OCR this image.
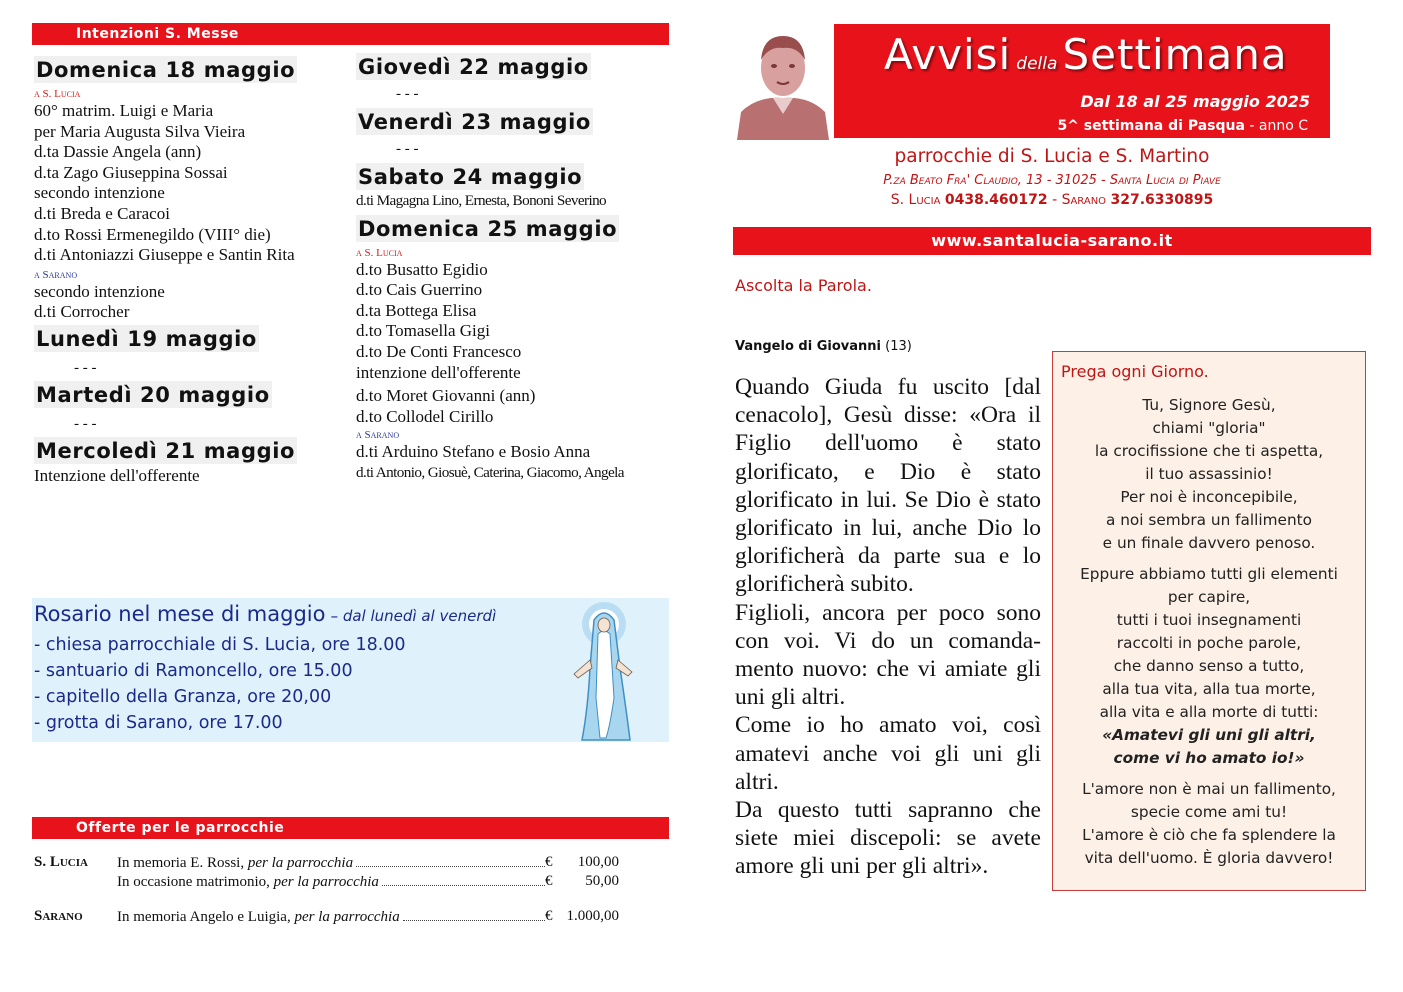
Intenzioni S. Messe
Domenica 18 maggio
a S. Lucia
60° matrim. Luigi e Maria
per Maria Augusta Silva Vieira
d.ta Dassie Angela (ann)
d.ta Zago Giuseppina Sossai
secondo intenzione
d.ti Breda e Caracoi
d.to Rossi Ermenegildo (VIII° die)
d.ti Antoniazzi Giuseppe e Santin Rita
a Sarano
secondo intenzione
d.ti Corrocher
Lunedì 19 maggio
- - -
Martedì 20 maggio
- - -
Mercoledì 21 maggio
Intenzione dell'offerente
Giovedì 22 maggio
- - -
Venerdì 23 maggio
- - -
Sabato 24 maggio
d.ti Magagna Lino, Ernesta, Bononi Severino
Domenica 25 maggio
a S. Lucia
d.to Busatto Egidio
d.to Cais Guerrino
d.ta Bottega Elisa
d.to Tomasella Gigi
d.to De Conti Francesco
intenzione dell'offerente
d.to Moret Giovanni (ann)
d.to Collodel Cirillo
a Sarano
d.ti Arduino Stefano e Bosio Anna
d.ti Antonio, Giosuè, Caterina, Giacomo, Angela
Rosario nel mese di maggio – dal lunedì al venerdì
- chiesa parrocchiale di S. Lucia, ore 18.00
- santuario di Ramoncello, ore 15.00
- capitello della Granza, ore 20,00
- grotta di Sarano, ore 17.00
Offerte per le parrocchie
S. Lucia In memoria E. Rossi, per la parrocchia	€ 100,00
In occasione matrimonio, per la parrocchia	€ 50,00
Sarano In memoria Angelo e Luigia, per la parrocchia	€ 1.000,00
Avvisi della Settimana
Dal 18 al 25 maggio 2025
5^ settimana di Pasqua - anno C
parrocchie di S. Lucia e S. Martino
P.za Beato Fra' Claudio, 13 - 31025 - Santa Lucia di Piave
S. Lucia 0438.460172 - Sarano 327.6330895
www.santalucia-sarano.it
Ascolta la Parola.
Vangelo di Giovanni (13)

Quando Giuda fu uscito [dal cenacolo], Gesù disse: «Ora il Figlio dell'uomo è stato glorificato, e Dio è stato glorificato in lui. Se Dio è stato glorificato in lui, anche Dio lo glorificherà da parte sua e lo glorificherà subito.

Figlioli, ancora per poco sono con voi. Vi do un comanda-mento nuovo: che vi amiate gli uni gli altri.

Come io ho amato voi, così amatevi anche voi gli uni gli altri.

Da questo tutti sapranno che siete miei discepoli: se avete amore gli uni per gli altri».

Prega ogni Giorno.

Tu, Signore Gesù,
chiami "gloria"
la crocifissione che ti aspetta,
il tuo assassinio!
Per noi è inconcepibile,
a noi sembra un fallimento
e un finale davvero penoso.

Eppure abbiamo tutti gli elementi
per capire,
tutti i tuoi insegnamenti
raccolti in poche parole,
che danno senso a tutto,
alla tua vita, alla tua morte,
alla vita e alla morte di tutti:

«Amatevi gli uni gli altri,
come vi ho amato io!»

L'amore non è mai un fallimento,
specie come ami tu!
L'amore è ciò che fa splendere la
vita dell'uomo. È gloria davvero!
